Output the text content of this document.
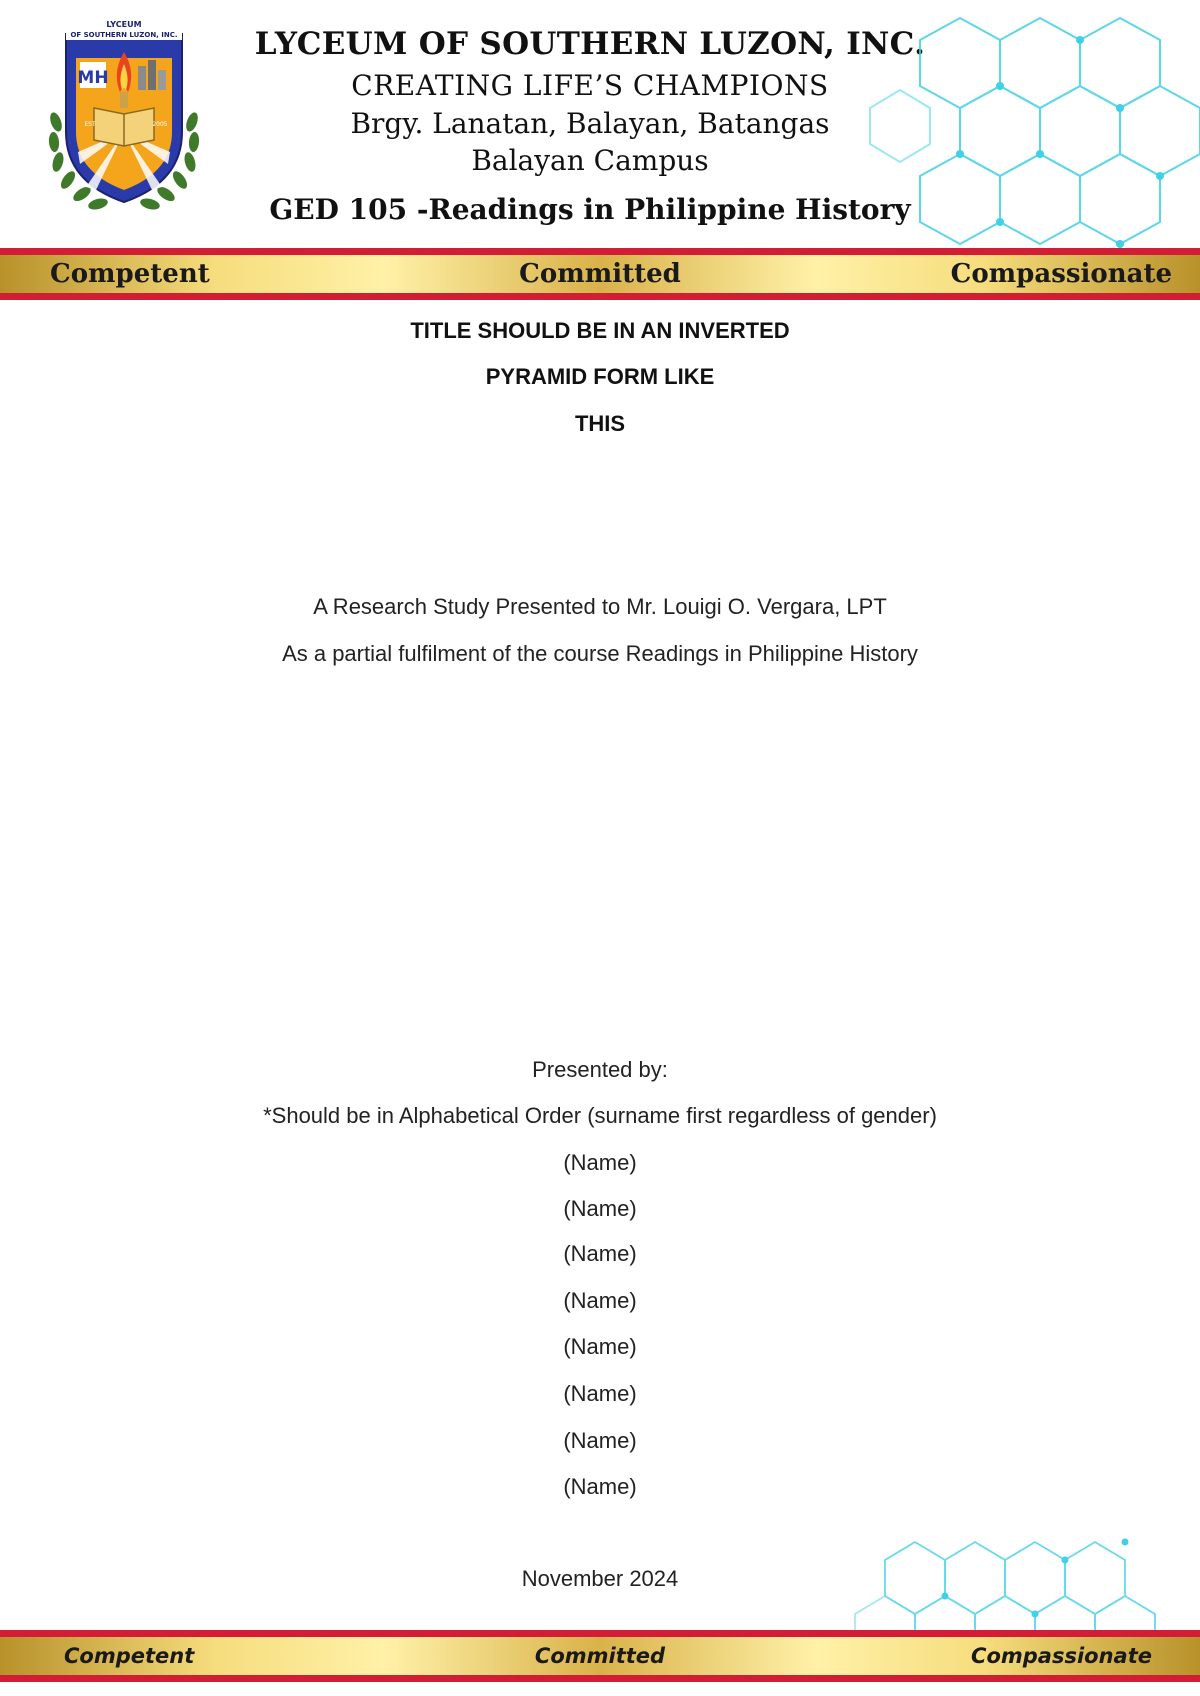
LYCEUM
OF SOUTHERN LUZON, INC.
MH
EST	2005
LYCEUM OF SOUTHERN LUZON, INC.
CREATING LIFE’S CHAMPIONS
Brgy. Lanatan, Balayan, Batangas
Balayan Campus
GED 105 -Readings in Philippine History
Competent	Committed	Compassionate
TITLE SHOULD BE IN AN INVERTED
PYRAMID FORM LIKE
THIS
A Research Study Presented to Mr. Louigi O. Vergara, LPT
As a partial fulfilment of the course Readings in Philippine History
Presented by:
*Should be in Alphabetical Order (surname first regardless of gender)
(Name)
(Name)
(Name)
(Name)
(Name)
(Name)
(Name)
(Name)
November 2024
Competent	Committed	Compassionate
